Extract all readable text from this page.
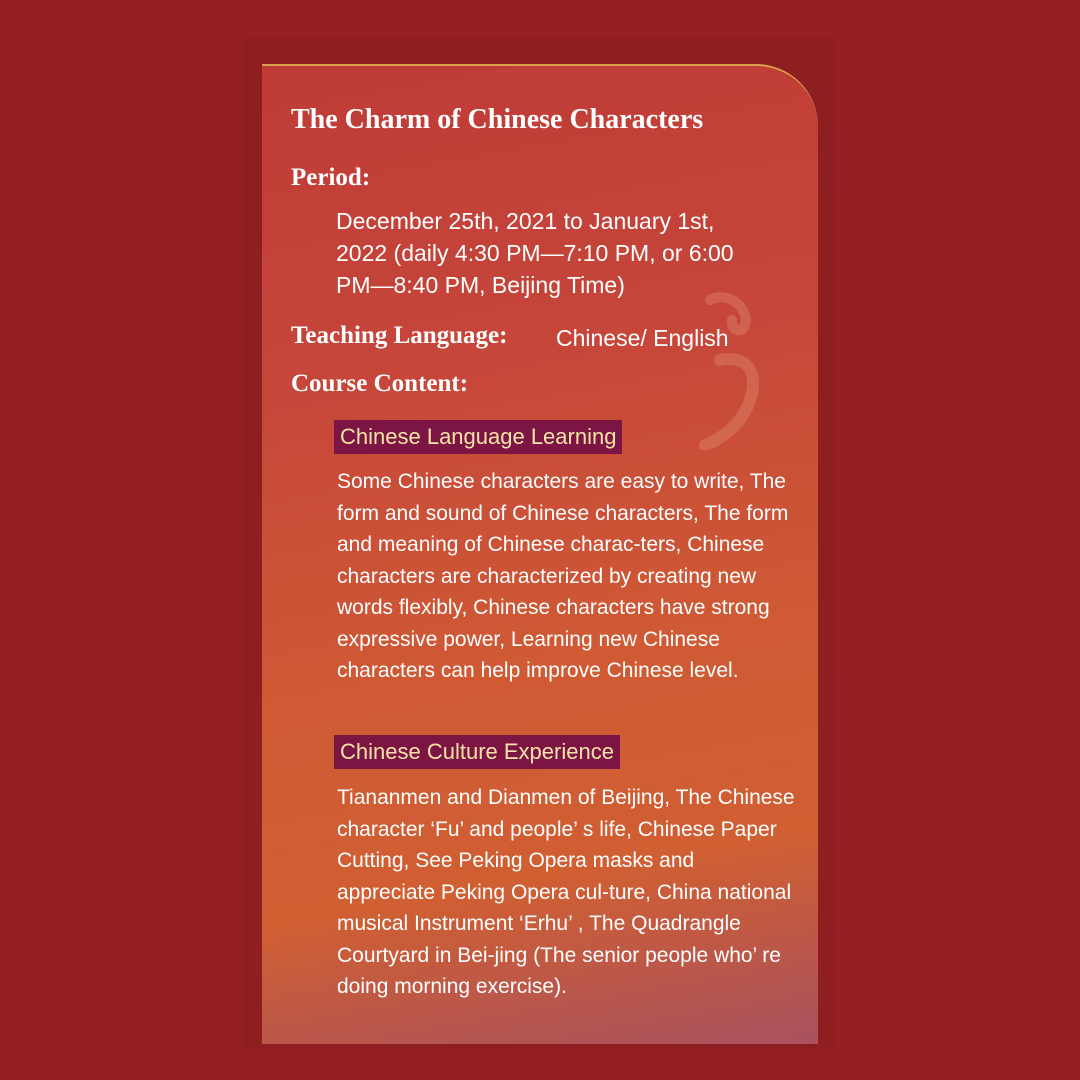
The Charm of Chinese Characters
Period:
December 25th, 2021 to January 1st, 2022 (daily 4:30 PM—7:10 PM, or 6:00 PM—8:40 PM, Beijing Time)
Teaching Language: Chinese/ English
Course Content:
Chinese Language Learning
Some Chinese characters are easy to write, The form and sound of Chinese characters, The form and meaning of Chinese charac-ters, Chinese characters are characterized by creating new words flexibly, Chinese characters have strong expressive power, Learning new Chinese characters can help improve Chinese level.
Chinese Culture Experience
Tiananmen and Dianmen of Beijing, The Chinese character ‘Fu’ and people’ s life, Chinese Paper Cutting, See Peking Opera masks and appreciate Peking Opera cul-ture, China national musical Instrument ‘Erhu’ , The Quadrangle Courtyard in Bei-jing (The senior people who’ re doing morning exercise).
